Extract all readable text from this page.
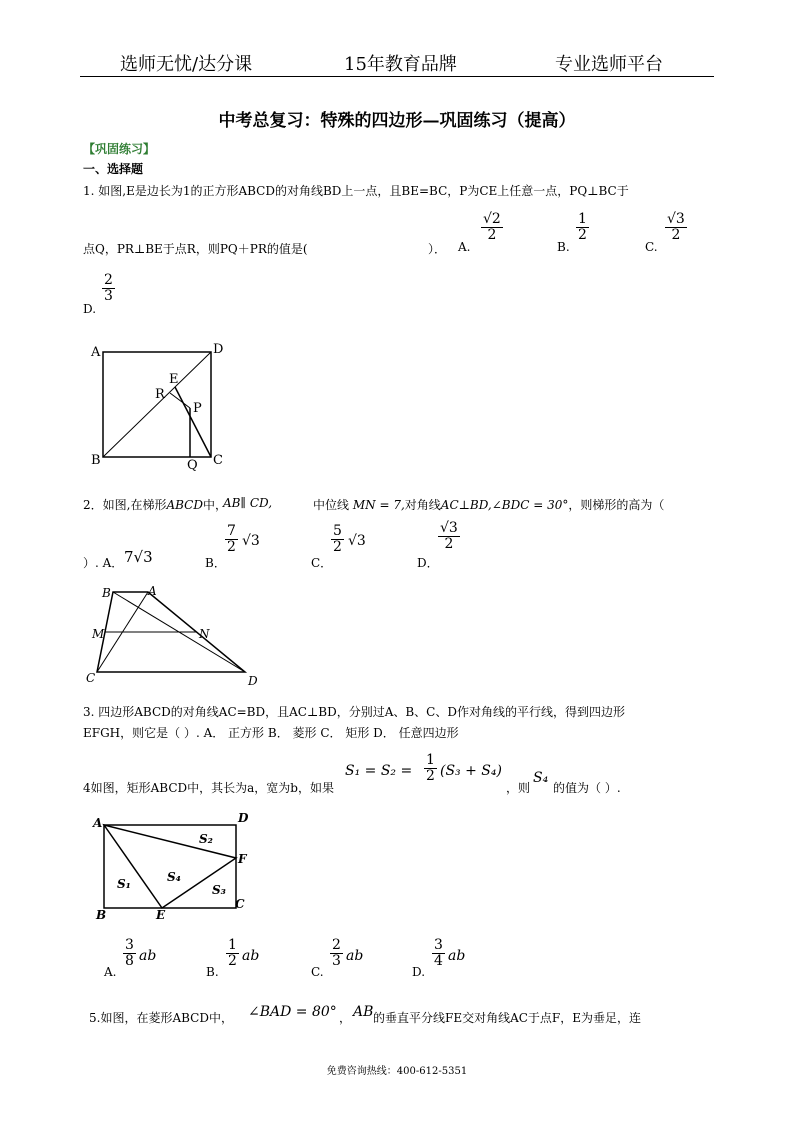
选师无忧/达分课	15年教育品牌	专业选师平台
中考总复习：特殊的四边形—巩固练习（提高）
【巩固练习】
一、选择题
1. 如图,E是边长为1的正方形ABCD的对角线BD上一点，且BE=BC，P为CE上任意一点，PQ⊥BC于
点Q，PR⊥BE于点R，则PQ＋PR的值是(	）． A.
$\frac{√2}{2}$
B.
$\frac{1}{2}$
C.
$\frac{√3}{2}$
D.
$\frac{2}{3}$
A	D
B	C
E
R
P
Q
2．如图,在梯形ABCD中，
AB∥ CD,	中位线 MN = 7,对角线AC⊥BD,∠BDC = 30°，则梯形的高为（
）. A． 7√3	B．
$\frac{7}{2} √3$
C．
$\frac{5}{2} √3$
D．
$\frac{√3}{2}$
B	A
M	N
C	D
3. 四边形ABCD的对角线AC=BD，且AC⊥BD，分别过A、B、C、D作对角线的平行线，得到四边形
EFGH，则它是（ ）. A． 正方形 B． 菱形 C． 矩形 D． 任意四边形
4如图，矩形ABCD中，其长为a，宽为b，如果
$S_1 = S_2 = \frac{1}{2} (S_3 + S_4)$
，则
S₄
的值为（ ）.
A	D
B	E
C
F
S₂
S₁	S₄
S₃
A.
$\frac{3}{8}$ ab
B.
$\frac{1}{2}$ ab
C.
$\frac{2}{3}$ ab
D.
$\frac{3}{4}$ ab
5.如图，在菱形ABCD中， ∠BAD = 80° ， AB 的垂直平分线FE交对角线AC于点F，E为垂足，连
免费咨询热线：400-612-5351
